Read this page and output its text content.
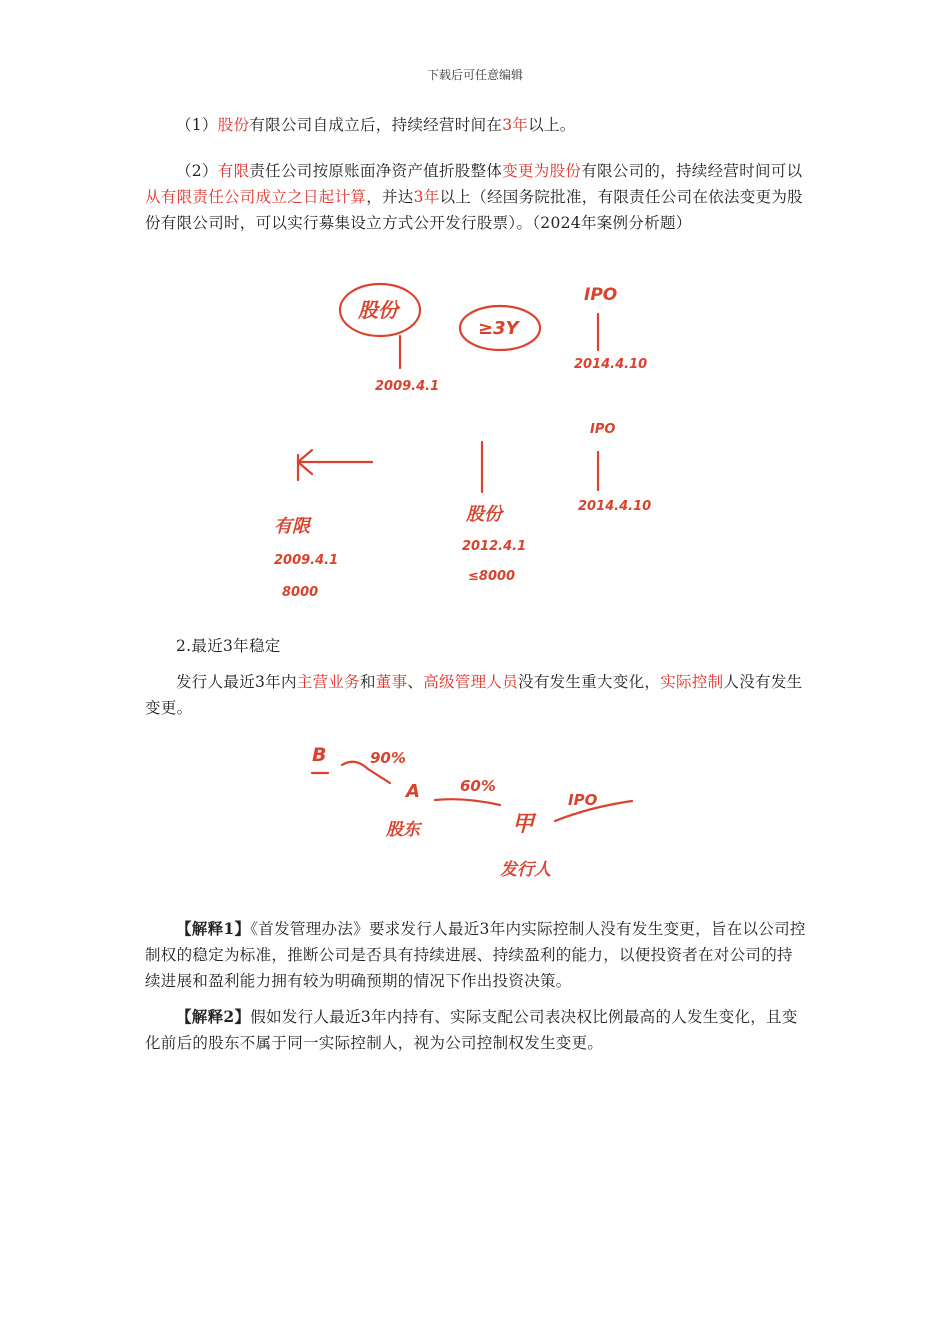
下载后可任意编辑

（1）股份有限公司自成立后，持续经营时间在3年以上。

（2）有限责任公司按原账面净资产值折股整体变更为股份有限公司的，持续经营时间可以从有限责任公司成立之日起计算，并达3年以上（经国务院批准，有限责任公司在依法变更为股份有限公司时，可以实行募集设立方式公开发行股票）。（2024年案例分析题）

股份
2009.4.1
≥3Y
IPO
2014.4.10
IPO
2014.4.10
有限
2009.4.1
8000
股份
2012.4.1
≤8000
2.最近3年稳定

发行人最近3年内主营业务和董事、高级管理人员没有发生重大变化，实际控制人没有发生变更。

B	90%
A
股东
60%
甲
IPO
发行人

【解释1】《首发管理办法》要求发行人最近3年内实际控制人没有发生变更，旨在以公司控制权的稳定为标准，推断公司是否具有持续进展、持续盈利的能力，以便投资者在对公司的持续进展和盈利能力拥有较为明确预期的情况下作出投资决策。

【解释2】假如发行人最近3年内持有、实际支配公司表决权比例最高的人发生变化，且变化前后的股东不属于同一实际控制人，视为公司控制权发生变更。
